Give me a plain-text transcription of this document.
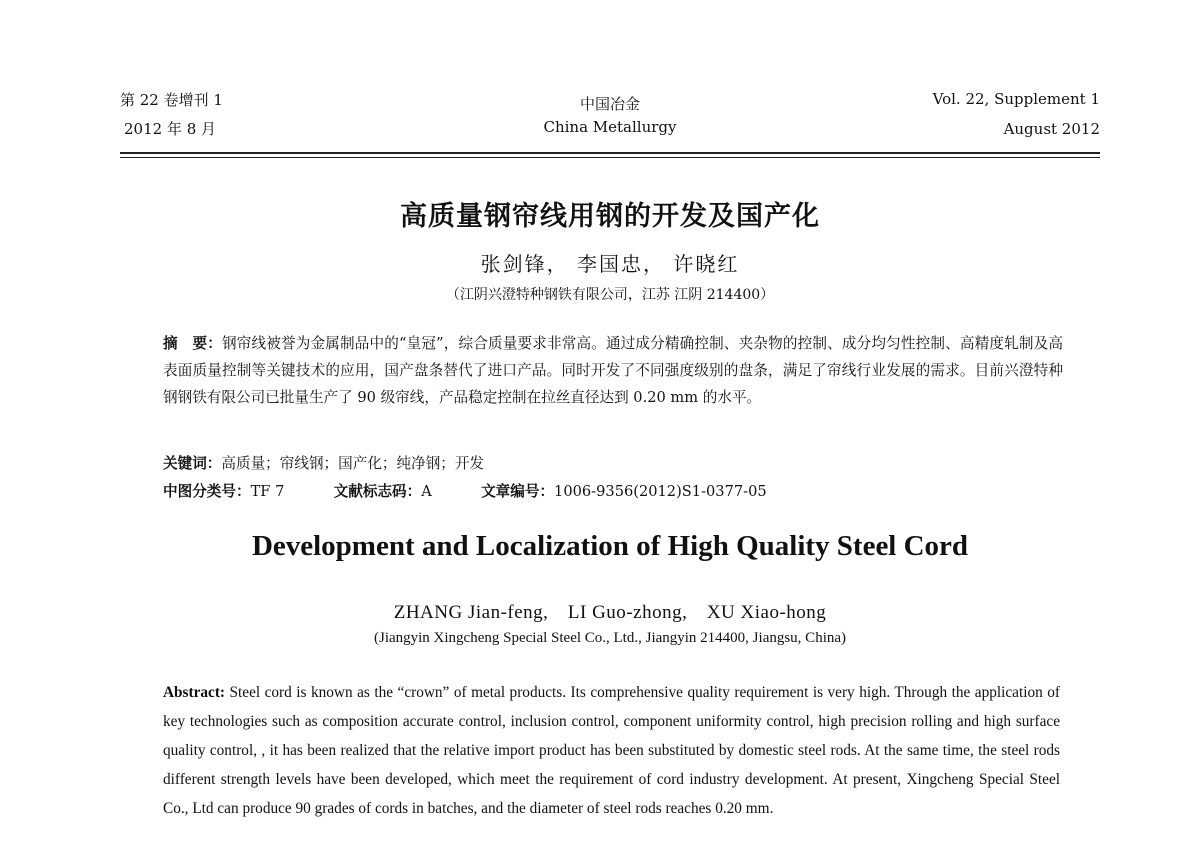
第 22 卷增刊 1
2012 年 8 月
中国冶金
China Metallurgy
Vol. 22, Supplement 1
August 2012
高质量钢帘线用钢的开发及国产化
张剑锋， 李国忠， 许晓红
（江阴兴澄特种钢铁有限公司，江苏 江阴 214400）
摘　要：钢帘线被誉为金属制品中的“皇冠”，综合质量要求非常高。通过成分精确控制、夹杂物的控制、成分均匀性控制、高精度轧制及高表面质量控制等关键技术的应用，国产盘条替代了进口产品。同时开发了不同强度级别的盘条，满足了帘线行业发展的需求。目前兴澄特种钢钢铁有限公司已批量生产了 90 级帘线，产品稳定控制在拉丝直径达到 0.20 mm 的水平。
关键词：高质量；帘线钢；国产化；纯净钢；开发
中图分类号：TF 7	文献标志码：A	文章编号：1006-9356(2012)S1-0377-05
Development and Localization of High Quality Steel Cord
ZHANG Jian-feng,　LI Guo-zhong,　XU Xiao-hong
(Jiangyin Xingcheng Special Steel Co., Ltd., Jiangyin 214400, Jiangsu, China)
Abstract: Steel cord is known as the “crown” of metal products. Its comprehensive quality requirement is very high. Through the application of key technologies such as composition accurate control, inclusion control, component uniformity control, high precision rolling and high surface quality control, , it has been realized that the relative import product has been substituted by domestic steel rods. At the same time, the steel rods different strength levels have been developed, which meet the requirement of cord industry development. At present, Xingcheng Special Steel Co., Ltd can produce 90 grades of cords in batches, and the diameter of steel rods reaches 0.20 mm.
